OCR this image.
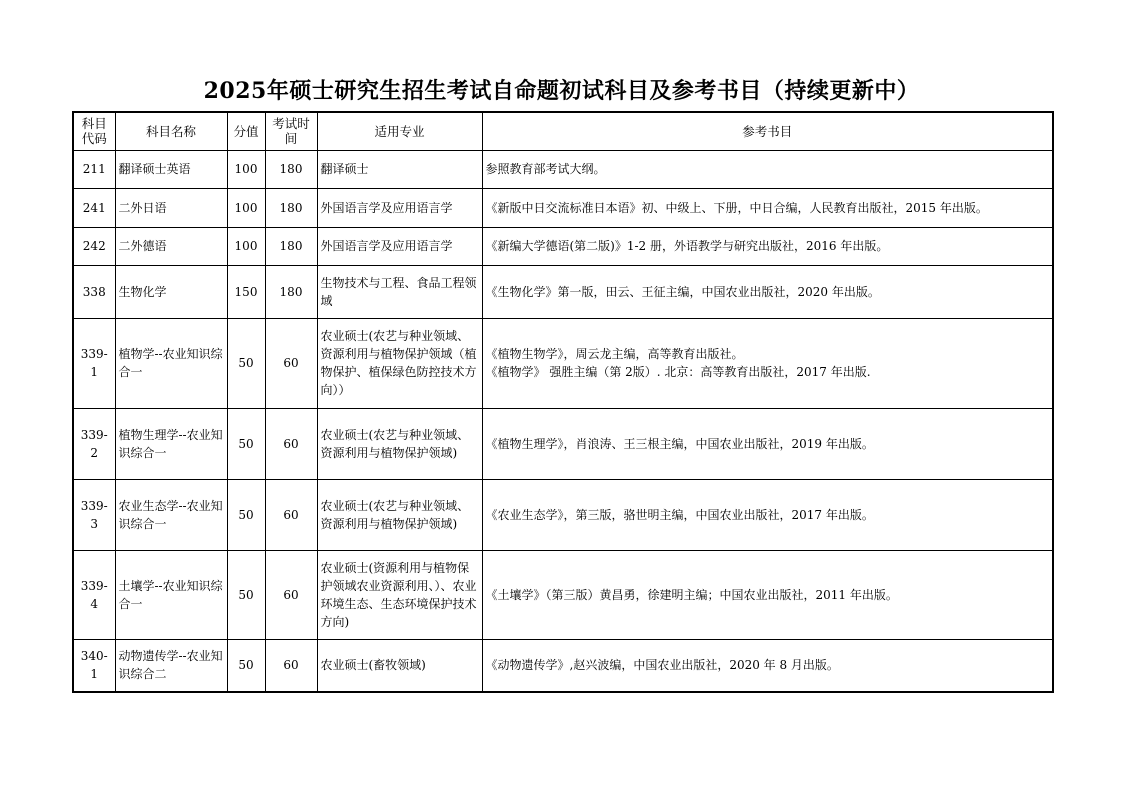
2025年硕士研究生招生考试自命题初试科目及参考书目（持续更新中）
科目代码	科目名称	分值	考试时间	适用专业	参考书目
211	翻译硕士英语	100	180	翻译硕士	参照教育部考试大纲。

241	二外日语	100	180	外国语言学及应用语言学	《新版中日交流标准日本语》初、中级上、下册，中日合编，人民教育出版社，2015 年出版。

242	二外德语	100	180	外国语言学及应用语言学	《新编大学德语(第二版)》1-2 册，外语教学与研究出版社，2016 年出版。

338	生物化学	150	180	生物技术与工程、食品工程领域	《生物化学》第一版，田云、王征主编，中国农业出版社，2020 年出版。

339-1	植物学--农业知识综合一	50	60	农业硕士(农艺与种业领域、资源利用与植物保护领域（植物保护、植保绿色防控技术方向））	《植物生物学》，周云龙主编，高等教育出版社。
《植物学》 强胜主编（第 2版）. 北京：高等教育出版社，2017 年出版.

339-2	植物生理学--农业知识综合一	50	60	农业硕士(农艺与种业领域、资源利用与植物保护领域)	《植物生理学》，肖浪涛、王三根主编，中国农业出版社，2019 年出版。

339-3	农业生态学--农业知识综合一	50	60	农业硕士(农艺与种业领域、资源利用与植物保护领域)	《农业生态学》，第三版，骆世明主编，中国农业出版社，2017 年出版。

339-4	土壤学--农业知识综合一	50	60	农业硕士(资源利用与植物保护领域农业资源利用、）、农业环境生态、生态环境保护技术方向)	《土壤学》（第三版）黄昌勇，徐建明主编；中国农业出版社，2011 年出版。

340-1	动物遗传学--农业知识综合二	50	60	农业硕士(畜牧领域)	《动物遗传学》,赵兴波编，中国农业出版社，2020 年 8 月出版。
